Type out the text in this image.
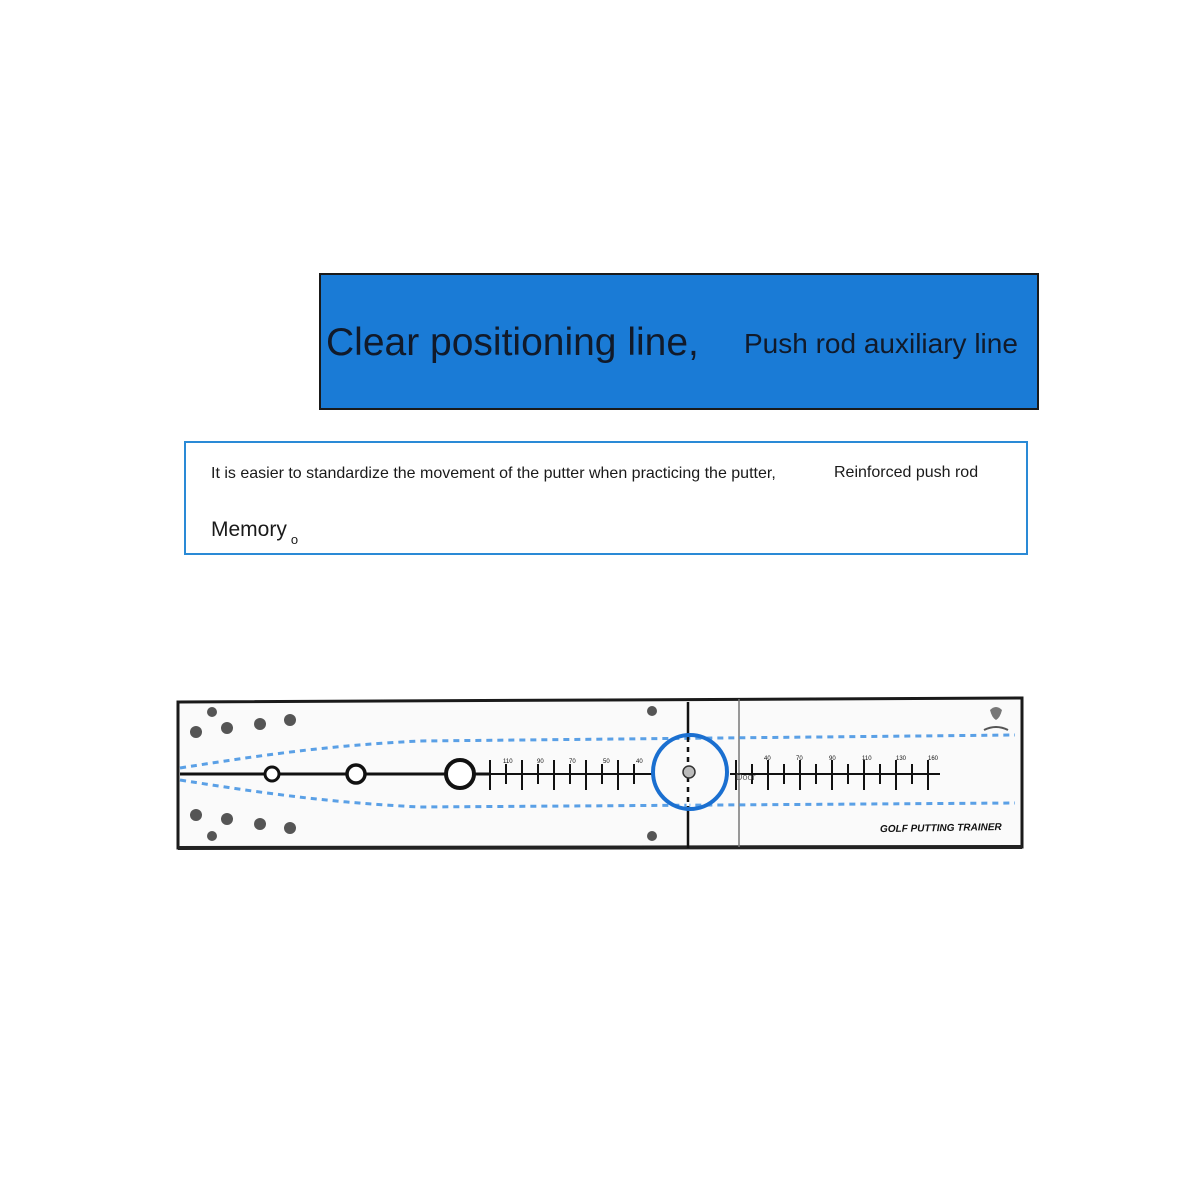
Clear positioning line, Push rod auxiliary line
It is easier to standardize the movement of the putter when practicing the putter,	Reinforced push rod
Memory $_o$
110	90	70	50	40	40	70	90	110	130	160
Door
GOLF PUTTING TRAINER
